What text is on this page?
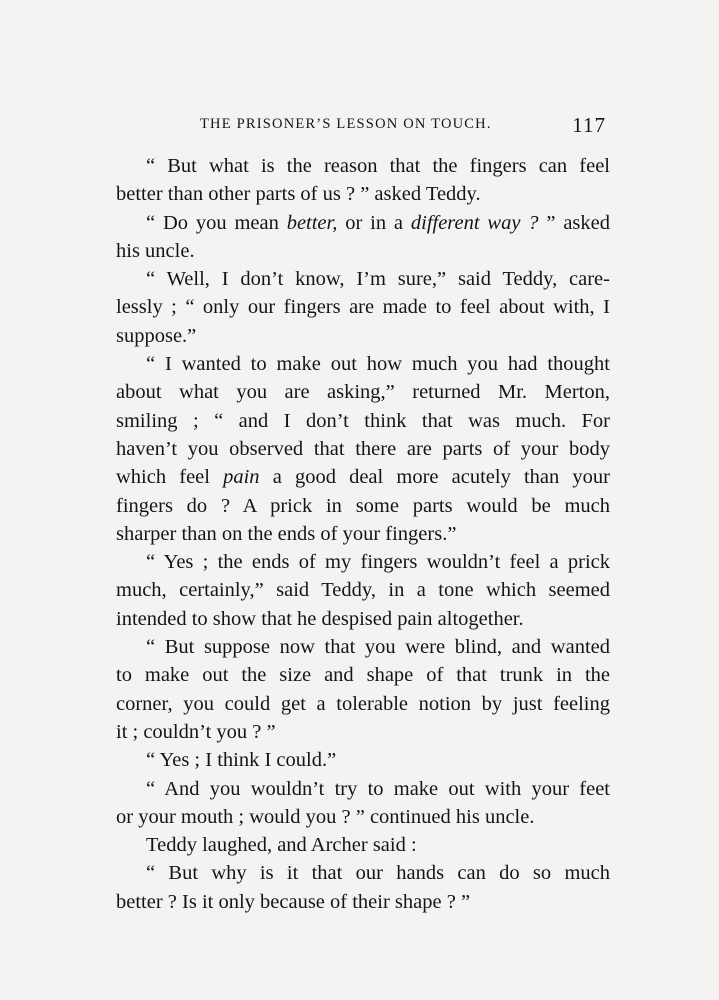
THE PRISONER’S LESSON ON TOUCH.	117
“ But what is the reason that the fingers can feel
better than other parts of us ? ” asked Teddy.
“ Do you mean better, or in a different way ? ” asked
his uncle.
“ Well, I don’t know, I’m sure,” said Teddy, care-
lessly ; “ only our fingers are made to feel about with, I
suppose.”
“ I wanted to make out how much you had thought
about what you are asking,” returned Mr. Merton,
smiling ; “ and I don’t think that was much. For
haven’t you observed that there are parts of your body
which feel pain a good deal more acutely than your
fingers do ? A prick in some parts would be much
sharper than on the ends of your fingers.”
“ Yes ; the ends of my fingers wouldn’t feel a prick
much, certainly,” said Teddy, in a tone which seemed
intended to show that he despised pain altogether.
“ But suppose now that you were blind, and wanted
to make out the size and shape of that trunk in the
corner, you could get a tolerable notion by just feeling
it ; couldn’t you ? ”
“ Yes ; I think I could.”
“ And you wouldn’t try to make out with your feet
or your mouth ; would you ? ” continued his uncle.
Teddy laughed, and Archer said :
“ But why is it that our hands can do so much
better ? Is it only because of their shape ? ”
